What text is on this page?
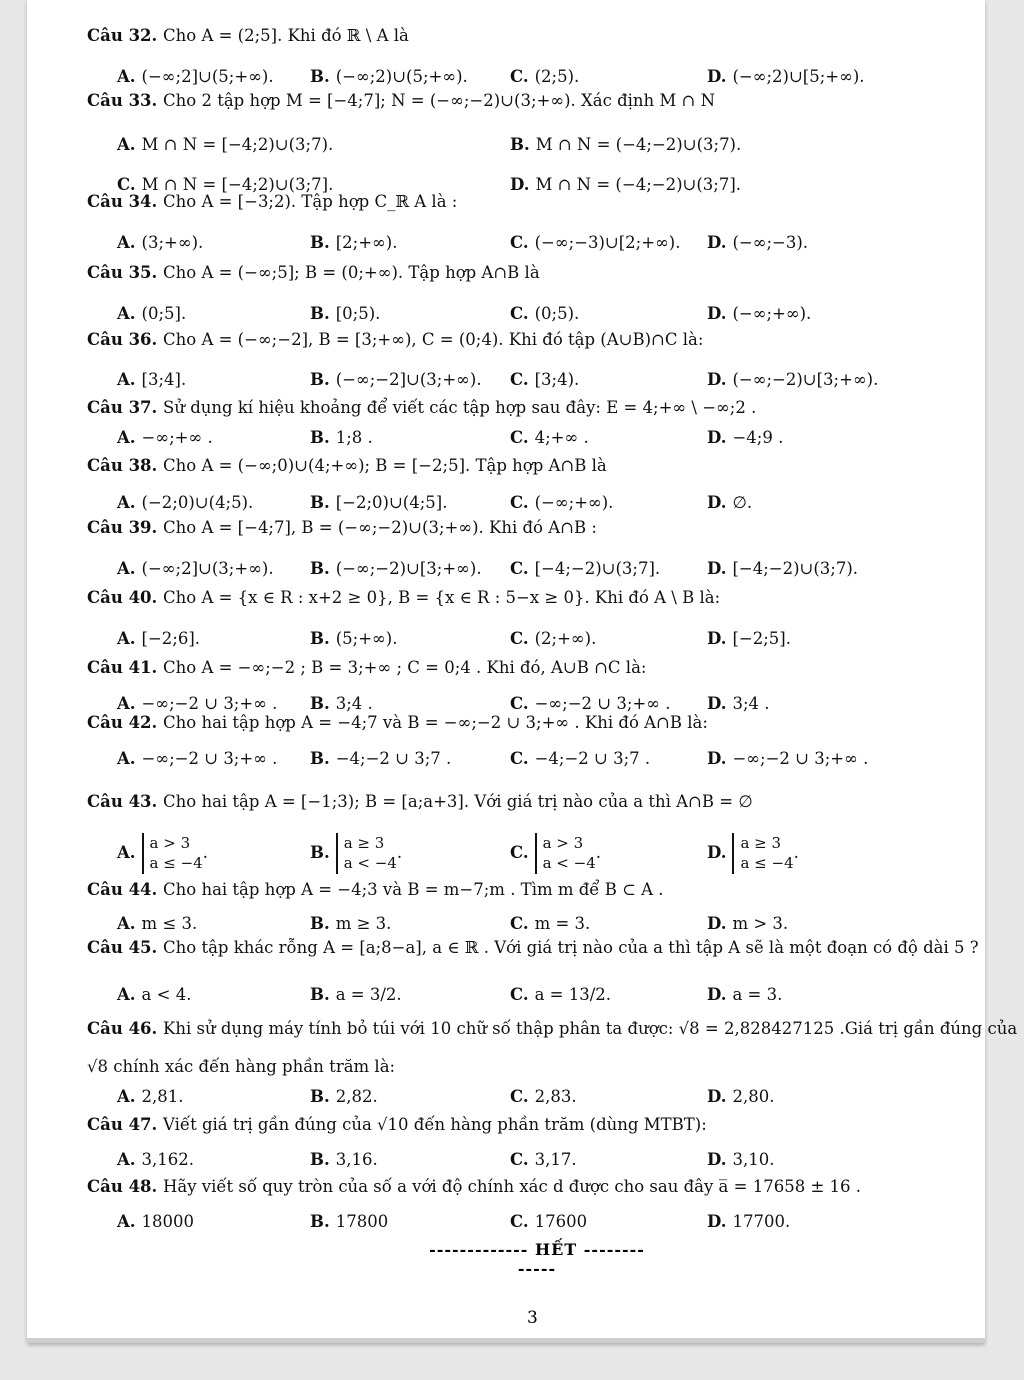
Câu 32. Cho A = (2;5]. Khi đó ℝ \ A là
A. (−∞;2]∪(5;+∞). B. (−∞;2)∪(5;+∞).	C. (2;5).	D. (−∞;2)∪[5;+∞).
Câu 33. Cho 2 tập hợp M = [−4;7]; N = (−∞;−2)∪(3;+∞). Xác định M ∩ N
A. M ∩ N = [−4;2)∪(3;7).	B. M ∩ N = (−4;−2)∪(3;7).
C. M ∩ N = [−4;2)∪(3;7].	D. M ∩ N = (−4;−2)∪(3;7].
Câu 34. Cho A = [−3;2). Tập hợp C_ℝ A là :
A. (3;+∞).	B. [2;+∞).	C. (−∞;−3)∪[2;+∞). D. (−∞;−3).
Câu 35. Cho A = (−∞;5]; B = (0;+∞). Tập hợp A∩B là
A. (0;5].	B. [0;5).	C. (0;5).	D. (−∞;+∞).
Câu 36. Cho A = (−∞;−2], B = [3;+∞), C = (0;4). Khi đó tập (A∪B)∩C là:
A. [3;4].	B. (−∞;−2]∪(3;+∞). C. [3;4).	D. (−∞;−2)∪[3;+∞).
Câu 37. Sử dụng kí hiệu khoảng để viết các tập hợp sau đây: E = 4;+∞ \ −∞;2 .
A. −∞;+∞ .	B. 1;8 .	C. 4;+∞ .	D. −4;9 .
Câu 38. Cho A = (−∞;0)∪(4;+∞); B = [−2;5]. Tập hợp A∩B là
A. (−2;0)∪(4;5).	B. [−2;0)∪(4;5].	C. (−∞;+∞).	D. ∅.
Câu 39. Cho A = [−4;7], B = (−∞;−2)∪(3;+∞). Khi đó A∩B :
A. (−∞;2]∪(3;+∞). B. (−∞;−2)∪[3;+∞). C. [−4;−2)∪(3;7].	D. [−4;−2)∪(3;7).
Câu 40. Cho A = {x ∈ R : x+2 ≥ 0}, B = {x ∈ R : 5−x ≥ 0}. Khi đó A \ B là:
A. [−2;6].	B. (5;+∞).	C. (2;+∞).	D. [−2;5].
Câu 41. Cho A = −∞;−2 ; B = 3;+∞ ; C = 0;4 . Khi đó, A∪B ∩C là:
A. −∞;−2 ∪ 3;+∞ . B. 3;4 .	C. −∞;−2 ∪ 3;+∞ . D. 3;4 .
Câu 42. Cho hai tập hợp A = −4;7 và B = −∞;−2 ∪ 3;+∞ . Khi đó A∩B là:
A. −∞;−2 ∪ 3;+∞ . B. −4;−2 ∪ 3;7 .	C. −4;−2 ∪ 3;7 .	D. −∞;−2 ∪ 3;+∞ .
Câu 43. Cho hai tập A = [−1;3); B = [a;a+3]. Với giá trị nào của a thì A∩B = ∅
A. a > 3
a ≤ −4
.	B. a ≥ 3
a < −4
.	C. a > 3
a < −4
.	D. a ≥ 3
a ≤ −4
.
Câu 44. Cho hai tập hợp A = −4;3 và B = m−7;m . Tìm m để B ⊂ A .
A. m ≤ 3.	B. m ≥ 3.	C. m = 3.	D. m > 3.
Câu 45. Cho tập khác rỗng A = [a;8−a], a ∈ ℝ . Với giá trị nào của a thì tập A sẽ là một đoạn có độ dài 5 ?
A. a < 4.	B. a = 3/2.	C. a = 13/2.	D. a = 3.
Câu 46. Khi sử dụng máy tính bỏ túi với 10 chữ số thập phân ta được: √8 = 2,828427125 .Giá trị gần đúng của
√8 chính xác đến hàng phần trăm là:
A. 2,81.	B. 2,82.	C. 2,83.	D. 2,80.
Câu 47. Viết giá trị gần đúng của √10 đến hàng phần trăm (dùng MTBT):
A. 3,162.	B. 3,16.	C. 3,17.	D. 3,10.
Câu 48. Hãy viết số quy tròn của số a với độ chính xác d được cho sau đây a̅ = 17658 ± 16 .
A. 18000	B. 17800	C. 17600	D. 17700.
------------- HẾT -------------
3
